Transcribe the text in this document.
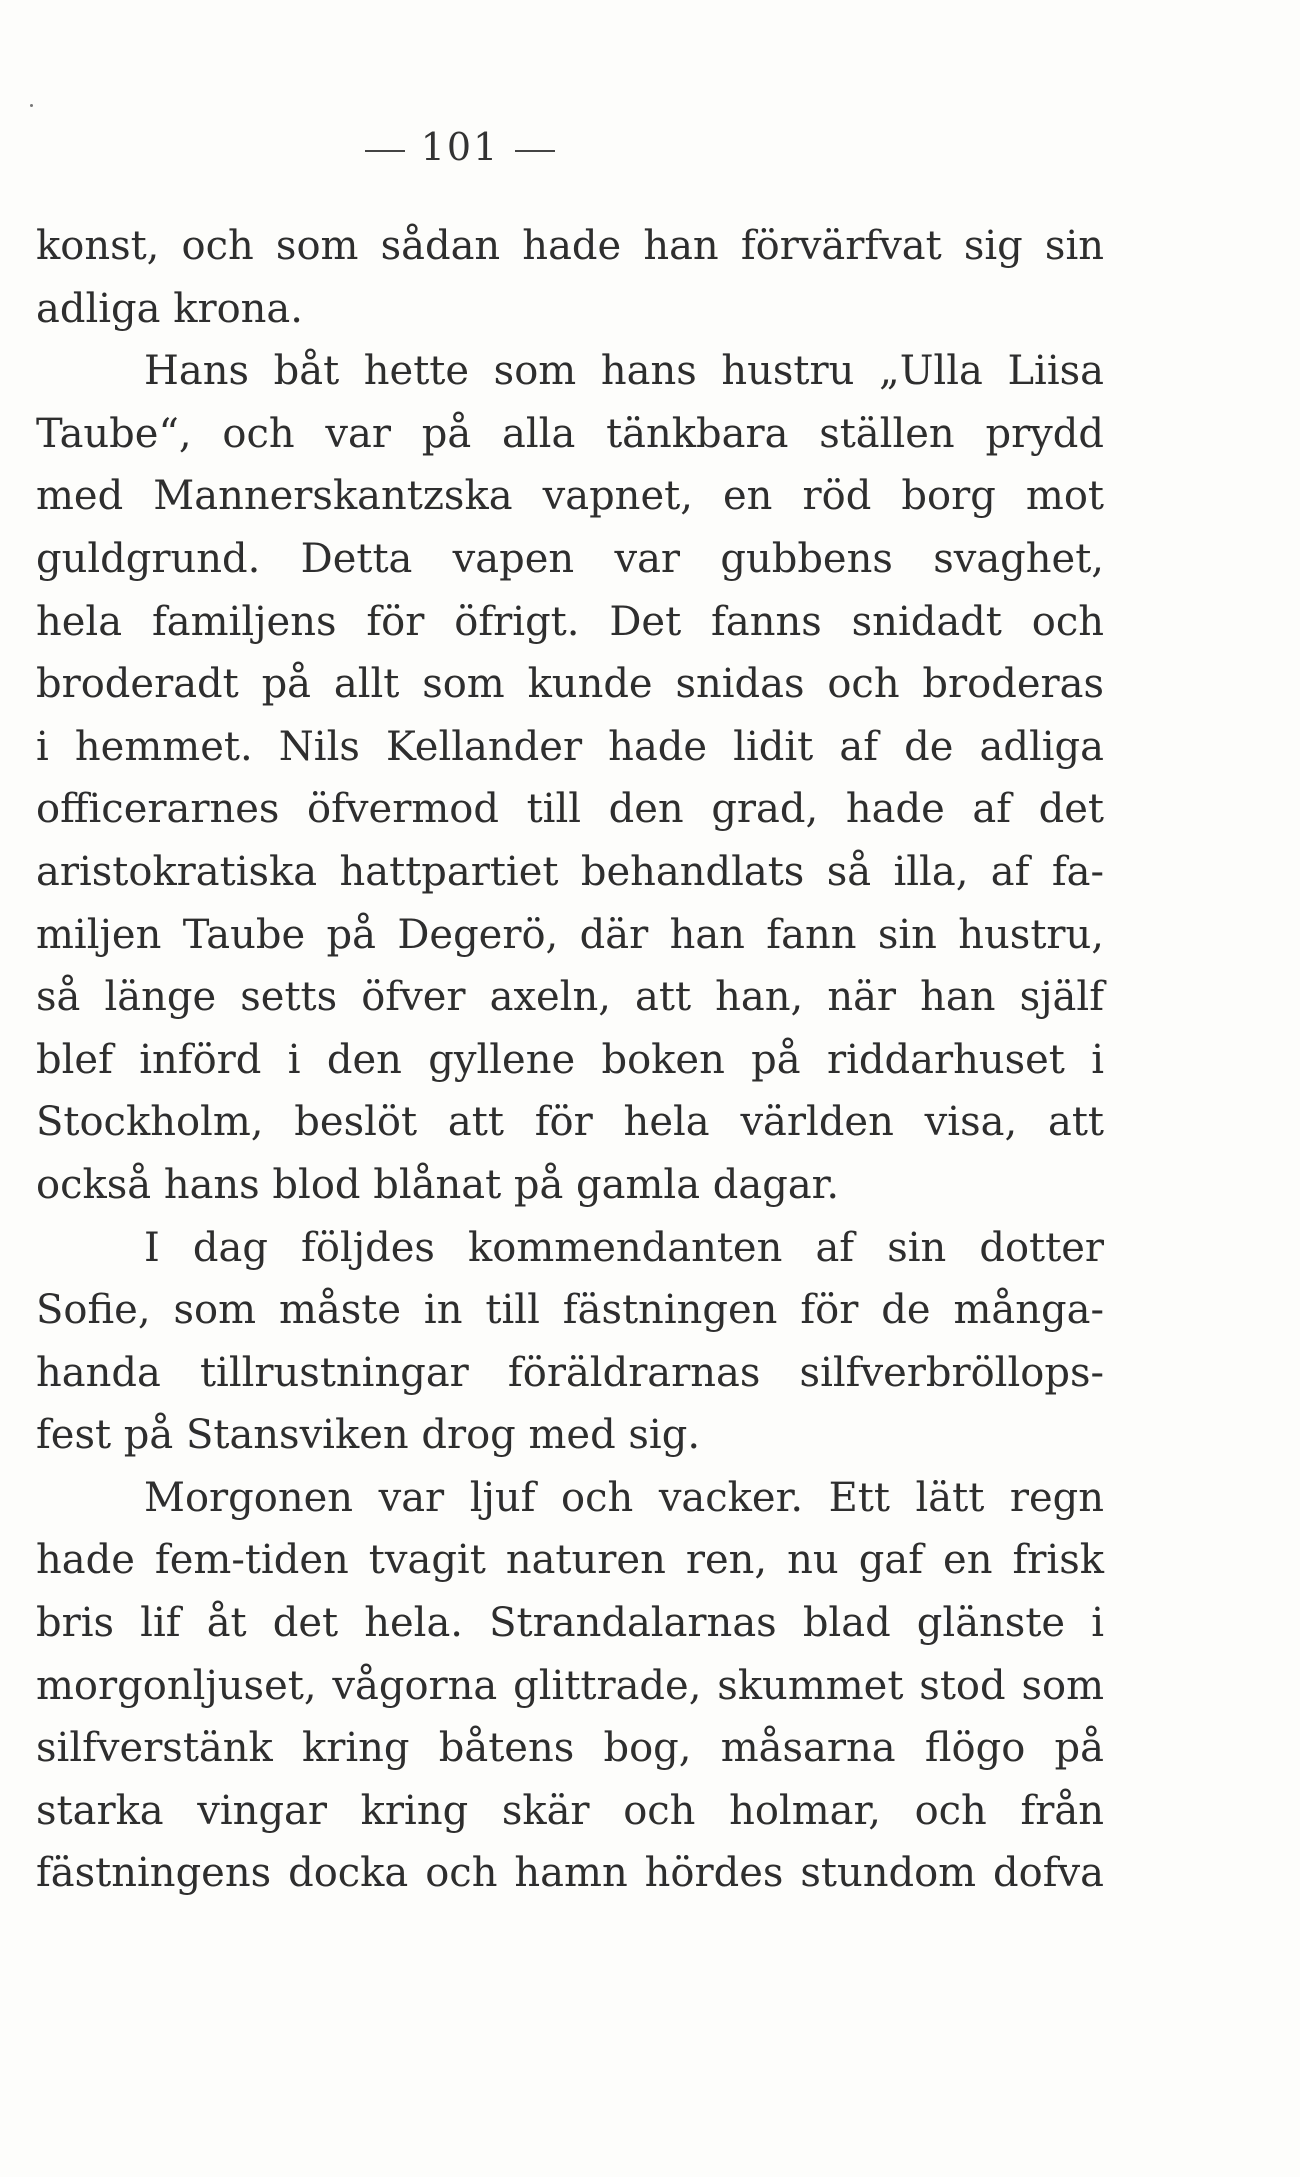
101
konst, och som sådan hade han förvärfvat sig sin
adliga krona.
Hans båt hette som hans hustru „Ulla Liisa
Taube“, och var på alla tänkbara ställen prydd
med Mannerskantzska vapnet, en röd borg mot
guldgrund. Detta vapen var gubbens svaghet,
hela familjens för öfrigt. Det fanns snidadt och
broderadt på allt som kunde snidas och broderas
i hemmet. Nils Kellander hade lidit af de adliga
officerarnes öfvermod till den grad, hade af det
aristokratiska hattpartiet behandlats så illa, af fa-
miljen Taube på Degerö, där han fann sin hustru,
så länge setts öfver axeln, att han, när han själf
blef införd i den gyllene boken på riddarhuset i
Stockholm, beslöt att för hela världen visa, att
också hans blod blånat på gamla dagar.
I dag följdes kommendanten af sin dotter
Sofie, som måste in till fästningen för de många-
handa tillrustningar föräldrarnas silfverbröllops-
fest på Stansviken drog med sig.
Morgonen var ljuf och vacker. Ett lätt regn
hade fem-tiden tvagit naturen ren, nu gaf en frisk
bris lif åt det hela. Strandalarnas blad glänste i
morgonljuset, vågorna glittrade, skummet stod som
silfverstänk kring båtens bog, måsarna flögo på
starka vingar kring skär och holmar, och från
fästningens docka och hamn hördes stundom dofva
